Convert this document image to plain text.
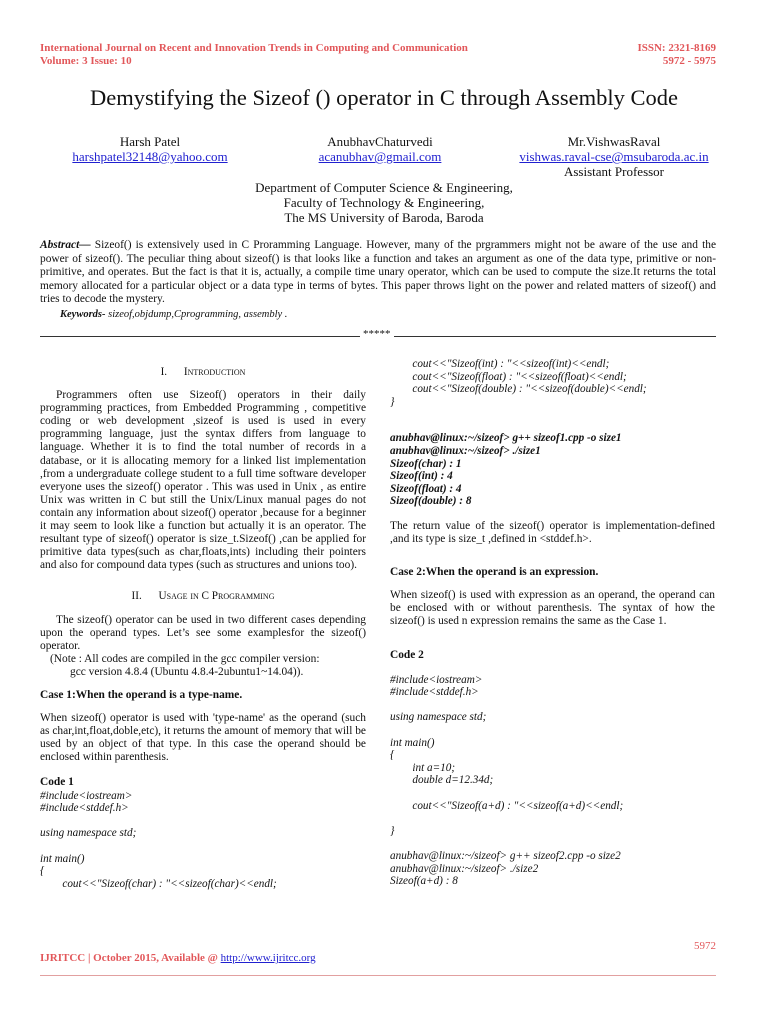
International Journal on Recent and Innovation Trends in Computing and Communication
Volume: 3 Issue: 10
ISSN: 2321-8169
5972 - 5975
Demystifying the Sizeof () operator in C through Assembly Code
Harsh Patel
harshpatel32148@yahoo.com
AnubhavChaturvedi
acanubhav@gmail.com
Mr.VishwasRaval
vishwas.raval-cse@msubaroda.ac.in
Assistant Professor
Department of Computer Science & Engineering,
Faculty of Technology & Engineering,
The MS University of Baroda, Baroda
Abstract— Sizeof() is extensively used in C Proramming Language. However, many of the prgrammers might not be aware of the use and the power of sizeof(). The peculiar thing about sizeof() is that looks like a function and takes an argument as one of the data type, primitive or non-primitive, and operates. But the fact is that it is, actually, a compile time unary operator, which can be used to compute the size.It returns the total memory allocated for a particular object or a data type in terms of bytes. This paper throws light on the power and related matters of sizeof() and tries to decode the mystery.
Keywords- sizeof,objdump,Cprogramming, assembly .
*****
I. Introduction

Programmers often use Sizeof() operators in their daily programming practices, from Embedded Programming , competitive coding or web development ,sizeof is used is used in every programming language, just the syntax differs from language to language. Whether it is to find the total number of records in a database, or it is allocating memory for a linked list implementation ,from a undergraduate college student to a full time software developer everyone uses the sizeof() operator . This was used in Unix , as entire Unix was written in C but still the Unix/Linux manual pages do not contain any information about sizeof() operator ,because for a beginner it may seem to look like a function but actually it is an operator. The resultant type of sizeof() operator is size_t.Sizeof() ,can be applied for primitive data types(such as char,floats,ints) including their pointers and also for compound data types (such as structures and unions too).

II. Usage in C Programming

The sizeof() operator can be used in two different cases depending upon the operand types. Let’s see some examplesfor the sizeof() operator.

(Note : All codes are compiled in the gcc compiler version:
gcc version 4.8.4 (Ubuntu 4.8.4-2ubuntu1~14.04)).
Case 1:When the operand is a type-name.

When sizeof() operator is used with 'type-name' as the operand (such as char,int,float,doble,etc), it returns the amount of memory that will be used by an object of that type. In this case the operand should be enclosed within parenthesis.

Code 1
#include<iostream>
#include<stddef.h>

using namespace std;

int main()
{
cout<<"Sizeof(char) : "<<sizeof(char)<<endl;
cout<<"Sizeof(int) : "<<sizeof(int)<<endl;
cout<<"Sizeof(float) : "<<sizeof(float)<<endl;
cout<<"Sizeof(double) : "<<sizeof(double)<<endl;
}
anubhav@linux:~/sizeof> g++ sizeof1.cpp -o size1
anubhav@linux:~/sizeof> ./size1
Sizeof(char) : 1
Sizeof(int) : 4
Sizeof(float) : 4
Sizeof(double) : 8

The return value of the sizeof() operator is implementation-defined ,and its type is size_t ,defined in <stddef.h>.

Case 2:When the operand is an expression.

When sizeof() is used with expression as an operand, the operand can be enclosed with or without parenthesis. The syntax of how the sizeof() is used n expression remains the same as the Case 1.

Code 2
#include<iostream>
#include<stddef.h>

using namespace std;

int main()
{
int a=10;
double d=12.34d;

cout<<"Sizeof(a+d) : "<<sizeof(a+d)<<endl;

}

anubhav@linux:~/sizeof> g++ sizeof2.cpp -o size2
anubhav@linux:~/sizeof> ./size2
Sizeof(a+d) : 8
5972
IJRITCC | October 2015, Available @ http://www.ijritcc.org
